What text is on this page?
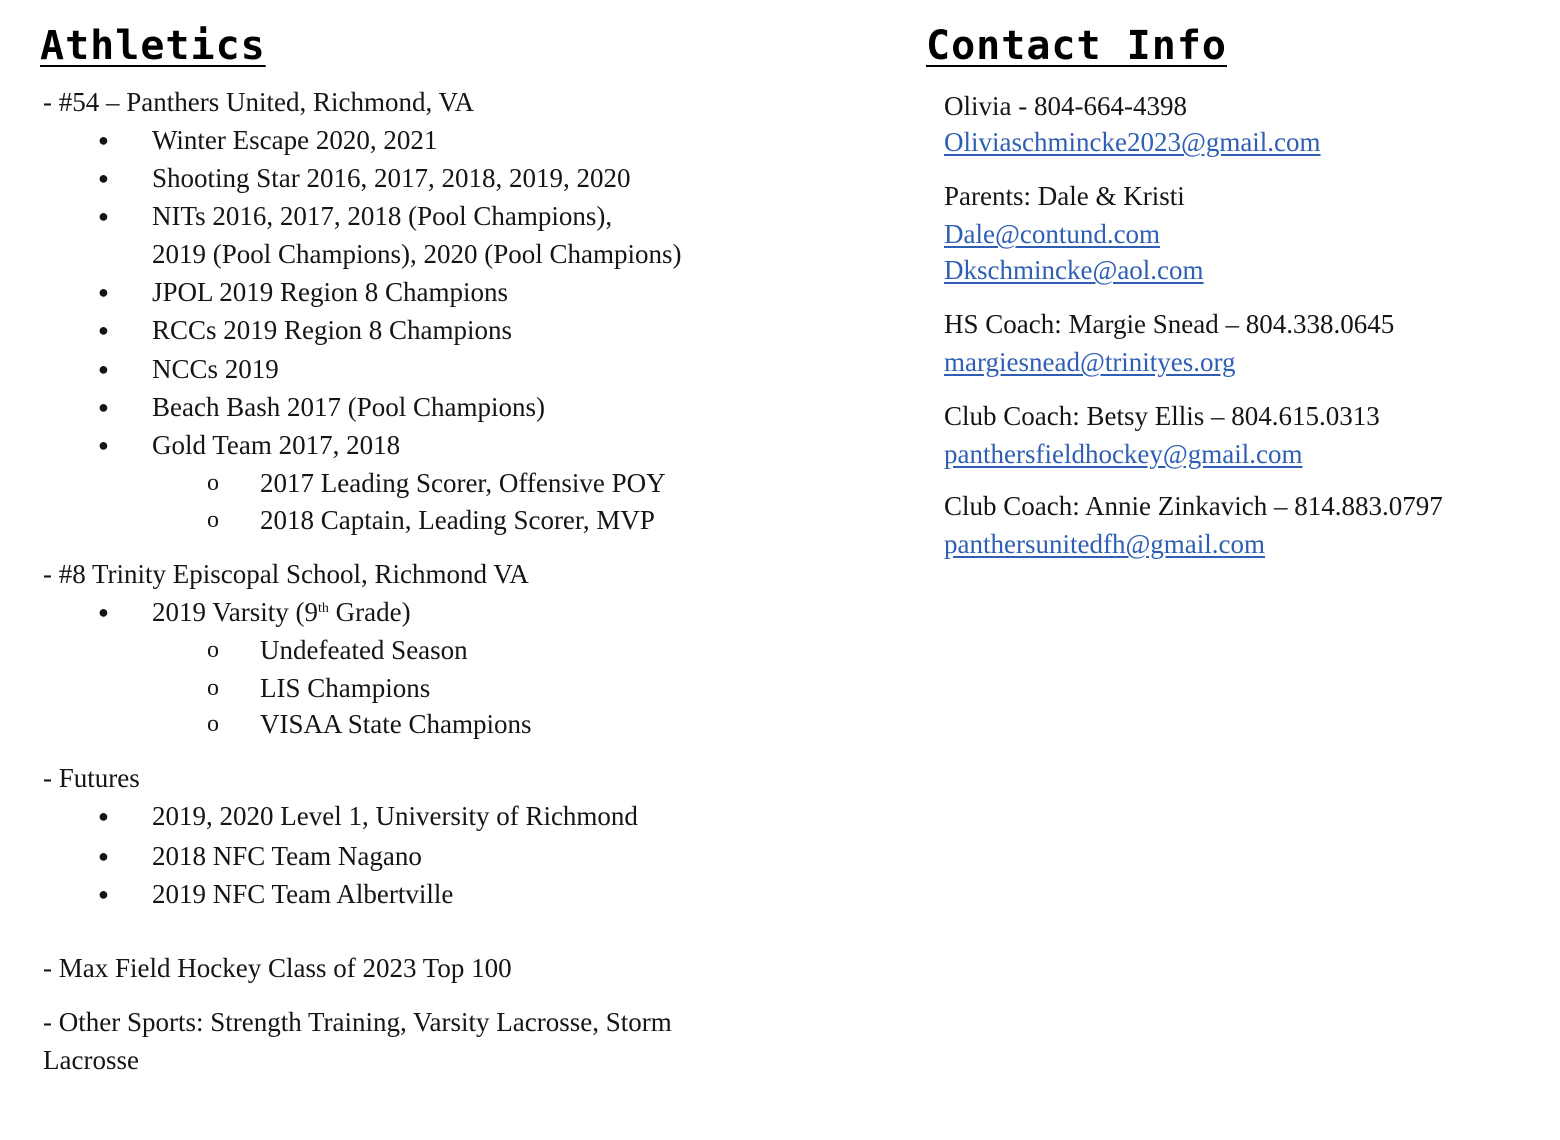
Athletics
- #54 – Panthers United, Richmond, VA
● Winter Escape 2020, 2021
● Shooting Star 2016, 2017, 2018, 2019, 2020
● NITs 2016, 2017, 2018 (Pool Champions),
2019 (Pool Champions), 2020 (Pool Champions)
● JPOL 2019 Region 8 Champions
● RCCs 2019 Region 8 Champions
● NCCs 2019
● Beach Bash 2017 (Pool Champions)
● Gold Team 2017, 2018
o 2017 Leading Scorer, Offensive POY
o 2018 Captain, Leading Scorer, MVP
- #8 Trinity Episcopal School, Richmond VA
● 2019 Varsity (9th Grade)
o Undefeated Season
o LIS Champions
o VISAA State Champions
- Futures
● 2019, 2020 Level 1, University of Richmond
● 2018 NFC Team Nagano
● 2019 NFC Team Albertville
- Max Field Hockey Class of 2023 Top 100
- Other Sports: Strength Training, Varsity Lacrosse, Storm
Lacrosse
Contact Info
Olivia - 804-664-4398
Oliviaschmincke2023@gmail.com
Parents: Dale & Kristi
Dale@contund.com
Dkschmincke@aol.com
HS Coach: Margie Snead – 804.338.0645
margiesnead@trinityes.org
Club Coach: Betsy Ellis – 804.615.0313
panthersfieldhockey@gmail.com
Club Coach: Annie Zinkavich – 814.883.0797
panthersunitedfh@gmail.com
